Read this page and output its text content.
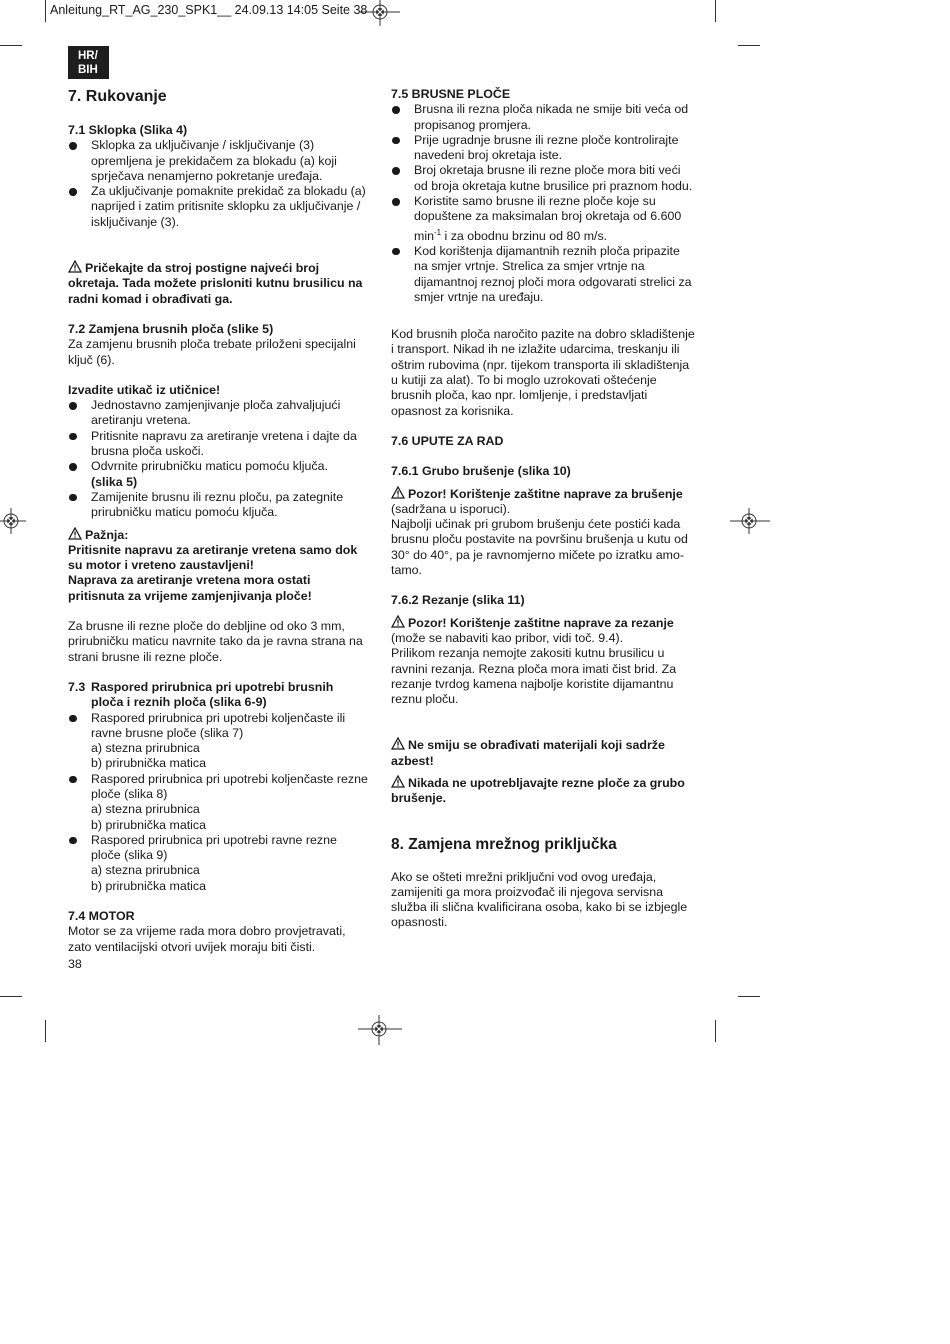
Anleitung_RT_AG_230_SPK1__ 24.09.13 14:05 Seite 38
HR/
BIH

7. Rukovanje

7.1 Sklopka (Slika 4)

Sklopka za uključivanje / isključivanje (3) opremljena je prekidačem za blokadu (a) koji sprječava nenamjerno pokretanje uređaja.

Za uključivanje pomaknite prekidač za blokadu (a) naprijed i zatim pritisnite sklopku za uključivanje / isključivanje (3).

Pričekajte da stroj postigne najveći broj okretaja. Tada možete prisloniti kutnu brusilicu na radni komad i obrađivati ga.

7.2 Zamjena brusnih ploča (slike 5)

Za zamjenu brusnih ploča trebate priloženi specijalni ključ (6).

Izvadite utikač iz utičnice!

Jednostavno zamjenjivanje ploča zahvaljujući aretiranju vretena.

Pritisnite napravu za aretiranje vretena i dajte da brusna ploča uskoči.

Odvrnite prirubničku maticu pomoću ključa.
(slika 5)

Zamijenite brusnu ili reznu ploču, pa zategnite prirubničku maticu pomoću ključa.

Pažnja:

Pritisnite napravu za aretiranje vretena samo dok su motor i vreteno zaustavljeni!

Naprava za aretiranje vretena mora ostati pritisnuta za vrijeme zamjenjivanja ploče!

Za brusne ili rezne ploče do debljine od oko 3 mm, prirubničku maticu navrnite tako da je ravna strana na strani brusne ili rezne ploče.

7.3 Raspored prirubnica pri upotrebi brusnih ploča i reznih ploča (slika 6-9)

Raspored prirubnica pri upotrebi koljenčaste ili ravne brusne ploče (slika 7)

a) stezna prirubnica

b) prirubnička matica

Raspored prirubnica pri upotrebi koljenčaste rezne ploče (slika 8)

a) stezna prirubnica

b) prirubnička matica

Raspored prirubnica pri upotrebi ravne rezne ploče (slika 9)

a) stezna prirubnica

b) prirubnička matica

7.4 MOTOR

Motor se za vrijeme rada mora dobro provjetravati, zato ventilacijski otvori uvijek moraju biti čisti.

38

7.5 BRUSNE PLOČE

Brusna ili rezna ploča nikada ne smije biti veća od propisanog promjera.

Prije ugradnje brusne ili rezne ploče kontrolirajte navedeni broj okretaja iste.

Broj okretaja brusne ili rezne ploče mora biti veći od broja okretaja kutne brusilice pri praznom hodu.

Koristite samo brusne ili rezne ploče koje su dopuštene za maksimalan broj okretaja od 6.600 $\min^{-1} i$ za obodnu brzinu od 80 m/s.

Kod korištenja dijamantnih reznih ploča pripazite na smjer vrtnje. Strelica za smjer vrtnje na dijamantnoj reznoj ploči mora odgovarati strelici za smjer vrtnje na uređaju.

Kod brusnih ploča naročito pazite na dobro skladištenje i transport. Nikad ih ne izlažite udarcima, treskanju ili oštrim rubovima (npr. tijekom transporta ili skladištenja u kutiji za alat). To bi moglo uzrokovati oštećenje brusnih ploča, kao npr. lomljenje, i predstavljati opasnost za korisnika.

7.6 UPUTE ZA RAD

7.6.1 Grubo brušenje (slika 10)

Pozor! Korištenje zaštitne naprave za brušenje (sadržana u isporuci).

Najbolji učinak pri grubom brušenju ćete postići kada brusnu ploču postavite na površinu brušenja u kutu od 30° do 40°, pa je ravnomjerno mičete po izratku amo-tamo.

7.6.2 Rezanje (slika 11)

Pozor! Korištenje zaštitne naprave za rezanje

(može se nabaviti kao pribor, vidi toč. 9.4).

Prilikom rezanja nemojte zakositi kutnu brusilicu u ravnini rezanja. Rezna ploča mora imati čist brid. Za rezanje tvrdog kamena najbolje koristite dijamantnu reznu ploču.

Ne smiju se obrađivati materijali koji sadrže azbest!

Nikada ne upotrebljavajte rezne ploče za grubo brušenje.

8. Zamjena mrežnog priključka

Ako se ošteti mrežni priključni vod ovog uređaja, zamijeniti ga mora proizvođač ili njegova servisna služba ili slična kvalificirana osoba, kako bi se izbjegle opasnosti.
